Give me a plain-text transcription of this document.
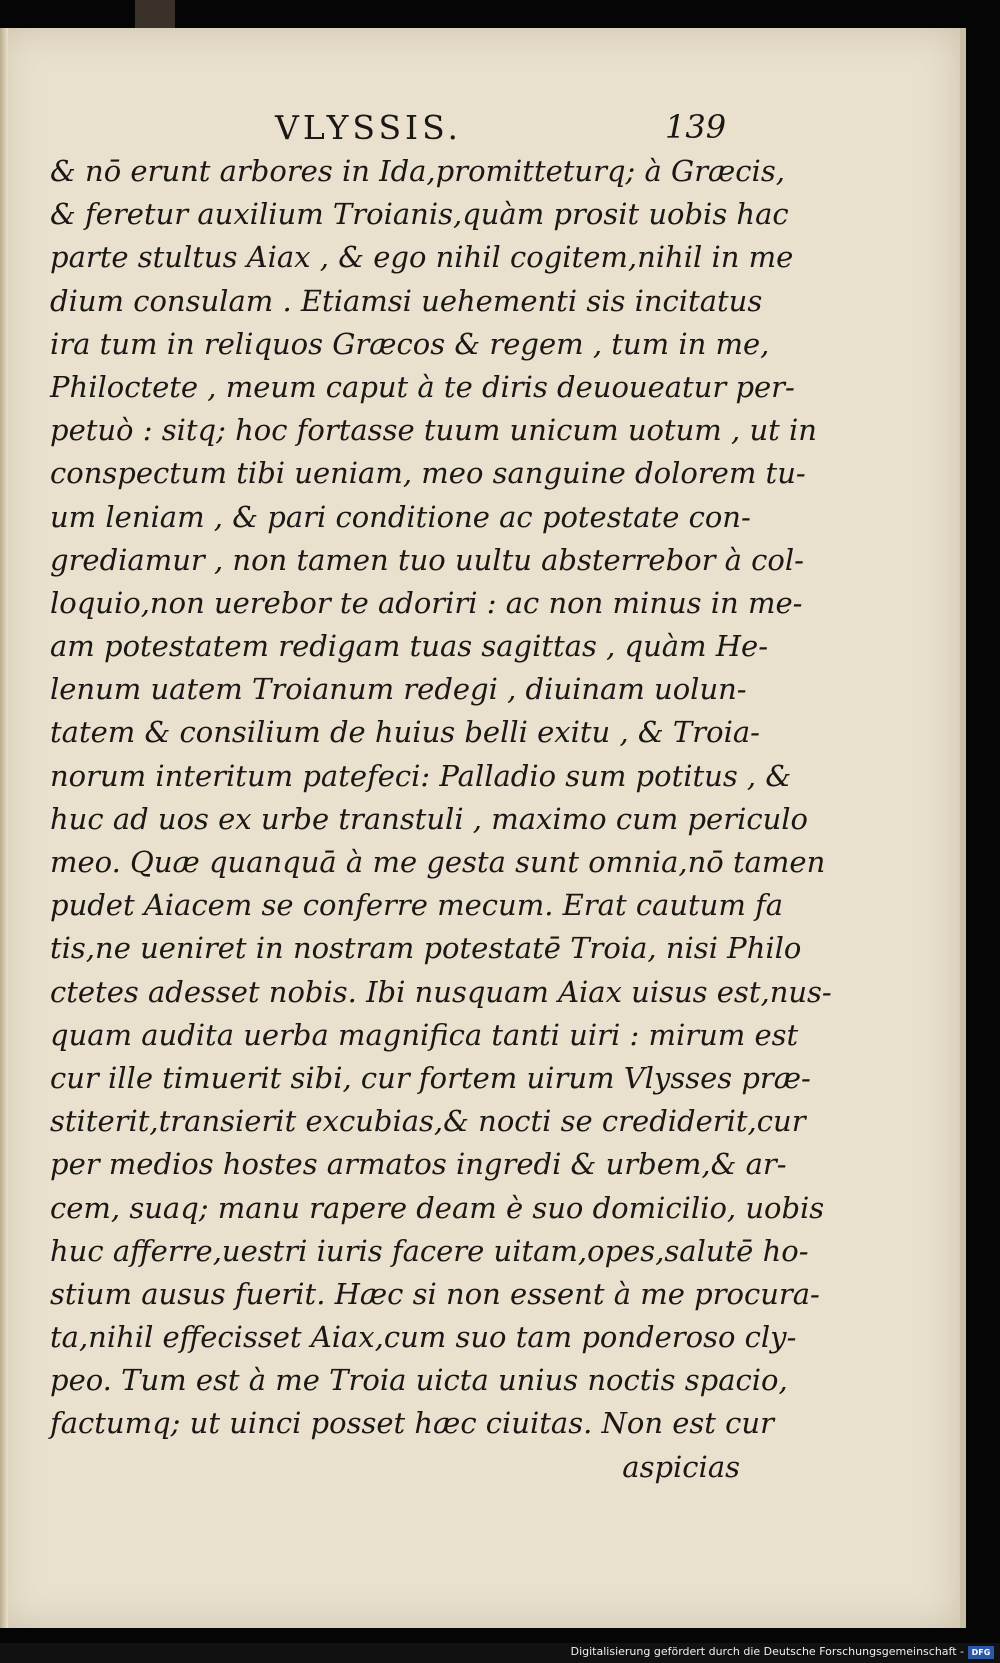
VLYSSIS.	139
& nō erunt arbores in Ida,promitteturq; à Græcis,
& feretur auxilium Troianis,quàm prosit uobis hac
parte stultus Aiax , & ego nihil cogitem,nihil in me
dium consulam . Etiamsi uehementi sis incitatus
ira tum in reliquos Græcos & regem , tum in me,
Philoctete , meum caput à te diris deuoueatur per-
petuò : sitq; hoc fortasse tuum unicum uotum , ut in
conspectum tibi ueniam, meo sanguine dolorem tu-
um leniam , & pari conditione ac potestate con-
grediamur , non tamen tuo uultu absterrebor à col-
loquio,non uerebor te adoriri : ac non minus in me-
am potestatem redigam tuas sagittas , quàm He-
lenum uatem Troianum redegi , diuinam uolun-
tatem & consilium de huius belli exitu , & Troia-
norum interitum patefeci: Palladio sum potitus , &
huc ad uos ex urbe transtuli , maximo cum periculo
meo. Quæ quanquā à me gesta sunt omnia,nō tamen
pudet Aiacem se conferre mecum. Erat cautum fa
tis,ne ueniret in nostram potestatē Troia, nisi Philo
ctetes adesset nobis. Ibi nusquam Aiax uisus est,nus-
quam audita uerba magnifica tanti uiri : mirum est
cur ille timuerit sibi, cur fortem uirum Vlysses præ-
stiterit,transierit excubias,& nocti se crediderit,cur
per medios hostes armatos ingredi & urbem,& ar-
cem, suaq; manu rapere deam è suo domicilio, uobis
huc afferre,uestri iuris facere uitam,opes,salutē ho-
stium ausus fuerit. Hæc si non essent à me procura-
ta,nihil effecisset Aiax,cum suo tam ponderoso cly-
peo. Tum est à me Troia uicta unius noctis spacio,
factumq; ut uinci posset hæc ciuitas. Non est cur
aspicias
Digitalisierung gefördert durch die Deutsche Forschungsgemeinschaft - DFG
